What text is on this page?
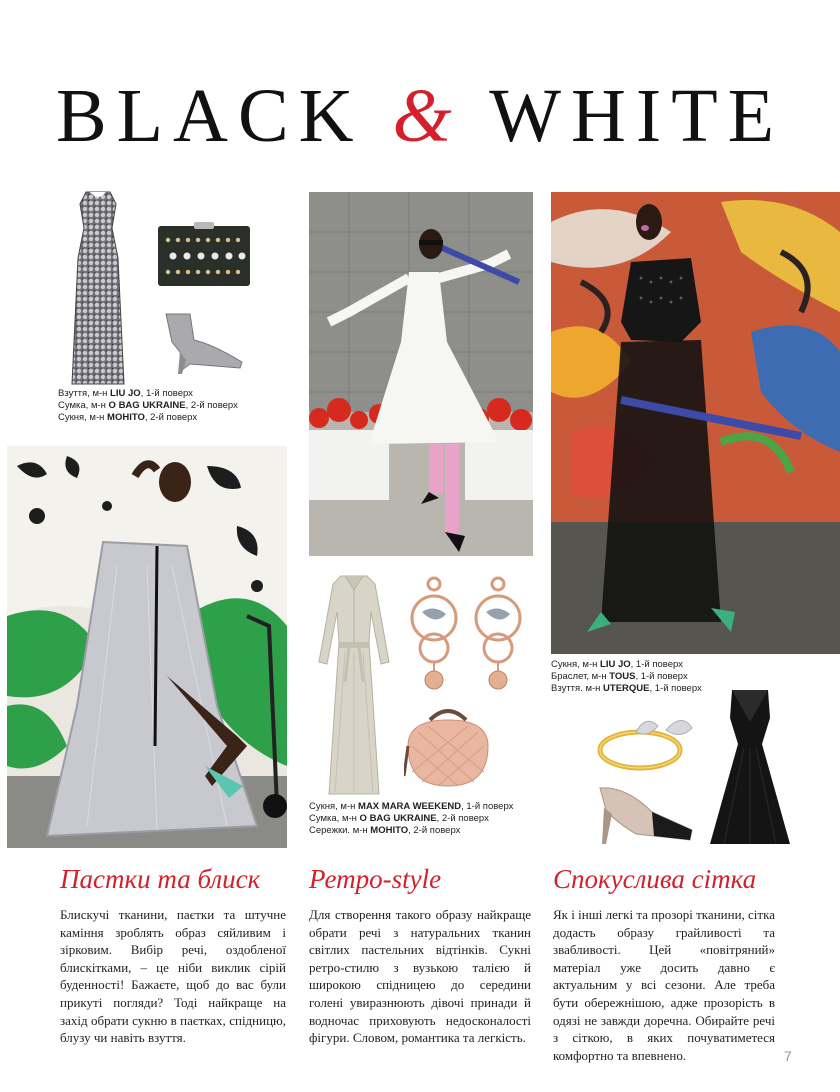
BLACK & WHITE
Взуття, м-н LIU JO, 1-й поверх
Сумка, м-н O BAG UKRAINE, 2-й поверх
Сукня, м-н MOHITO, 2-й поверх
Сукня, м-н MAX MARA WEEKEND, 1-й поверх
Сумка, м-н O BAG UKRAINE, 2-й поверх
Сережки. м-н MOHITO, 2-й поверх
Сукня, м-н LIU JO, 1-й поверх
Браслет, м-н TOUS, 1-й поверх
Взуття. м-н UTERQUE, 1-й поверх
Пастки та блиск
Блискучі тканини, паєтки та штучне каміння зроблять образ сяйливим і зірковим. Вибір речі, оздобленої блискітками, – це ніби виклик сірій буденності! Бажаєте, щоб до вас були прикуті погляди? Тоді найкраще на захід обрати сукню в паєтках, спідницю, блузу чи навіть взуття.
Ретро-style
Для створення такого образу найкраще обрати речі з натуральних тканин світлих пастельних відтінків. Сукні ретро-стилю з вузькою талією й широкою спідницею до середини голені увиразнюють дівочі принади й водночас приховують недосконалості фігури. Словом, романтика та легкість.
Спокуслива сітка
Як і інші легкі та прозорі тканини, сітка додасть образу грайливості та звабливості. Цей «повітряний» матеріал уже досить давно є актуальним у всі сезони. Але треба бути обережнішою, адже прозорість в одязі не завжди доречна. Обирайте речі з сіткою, в яких почуватиметеся комфортно та впевнено.	7
